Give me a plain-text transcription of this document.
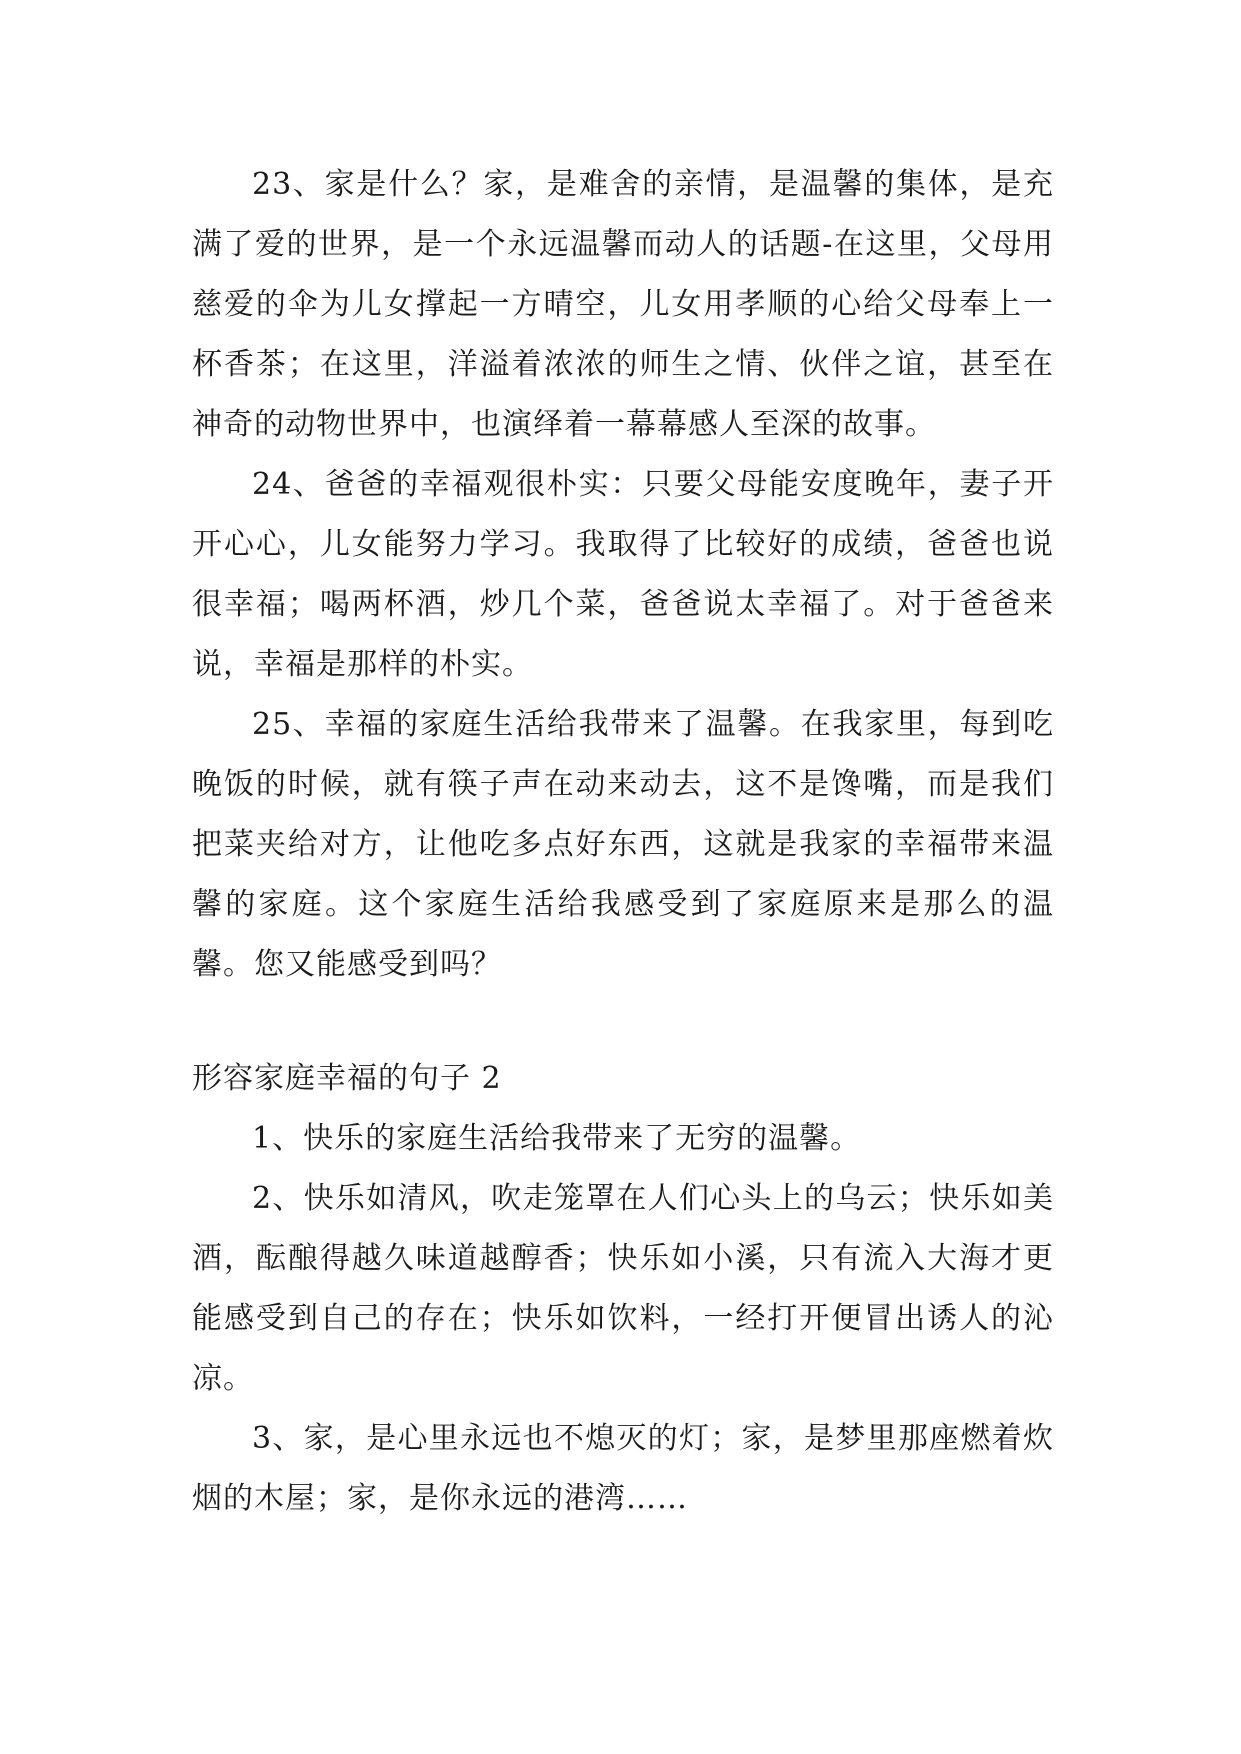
23、家是什么？家，是难舍的亲情，是温馨的集体，是充满了爱的世界，是一个永远温馨而动人的话题-在这里，父母用慈爱的伞为儿女撑起一方晴空，儿女用孝顺的心给父母奉上一杯香茶；在这里，洋溢着浓浓的师生之情、伙伴之谊，甚至在神奇的动物世界中，也演绎着一幕幕感人至深的故事。

24、爸爸的幸福观很朴实：只要父母能安度晚年，妻子开开心心，儿女能努力学习。我取得了比较好的成绩，爸爸也说很幸福；喝两杯酒，炒几个菜，爸爸说太幸福了。对于爸爸来说，幸福是那样的朴实。

25、幸福的家庭生活给我带来了温馨。在我家里，每到吃晚饭的时候，就有筷子声在动来动去，这不是馋嘴，而是我们把菜夹给对方，让他吃多点好东西，这就是我家的幸福带来温馨的家庭。这个家庭生活给我感受到了家庭原来是那么的温馨。您又能感受到吗？

形容家庭幸福的句子 2

1、快乐的家庭生活给我带来了无穷的温馨。

2、快乐如清风，吹走笼罩在人们心头上的乌云；快乐如美酒，酝酿得越久味道越醇香；快乐如小溪，只有流入大海才更能感受到自己的存在；快乐如饮料，一经打开便冒出诱人的沁凉。

3、家，是心里永远也不熄灭的灯；家，是梦里那座燃着炊烟的木屋；家，是你永远的港湾……
